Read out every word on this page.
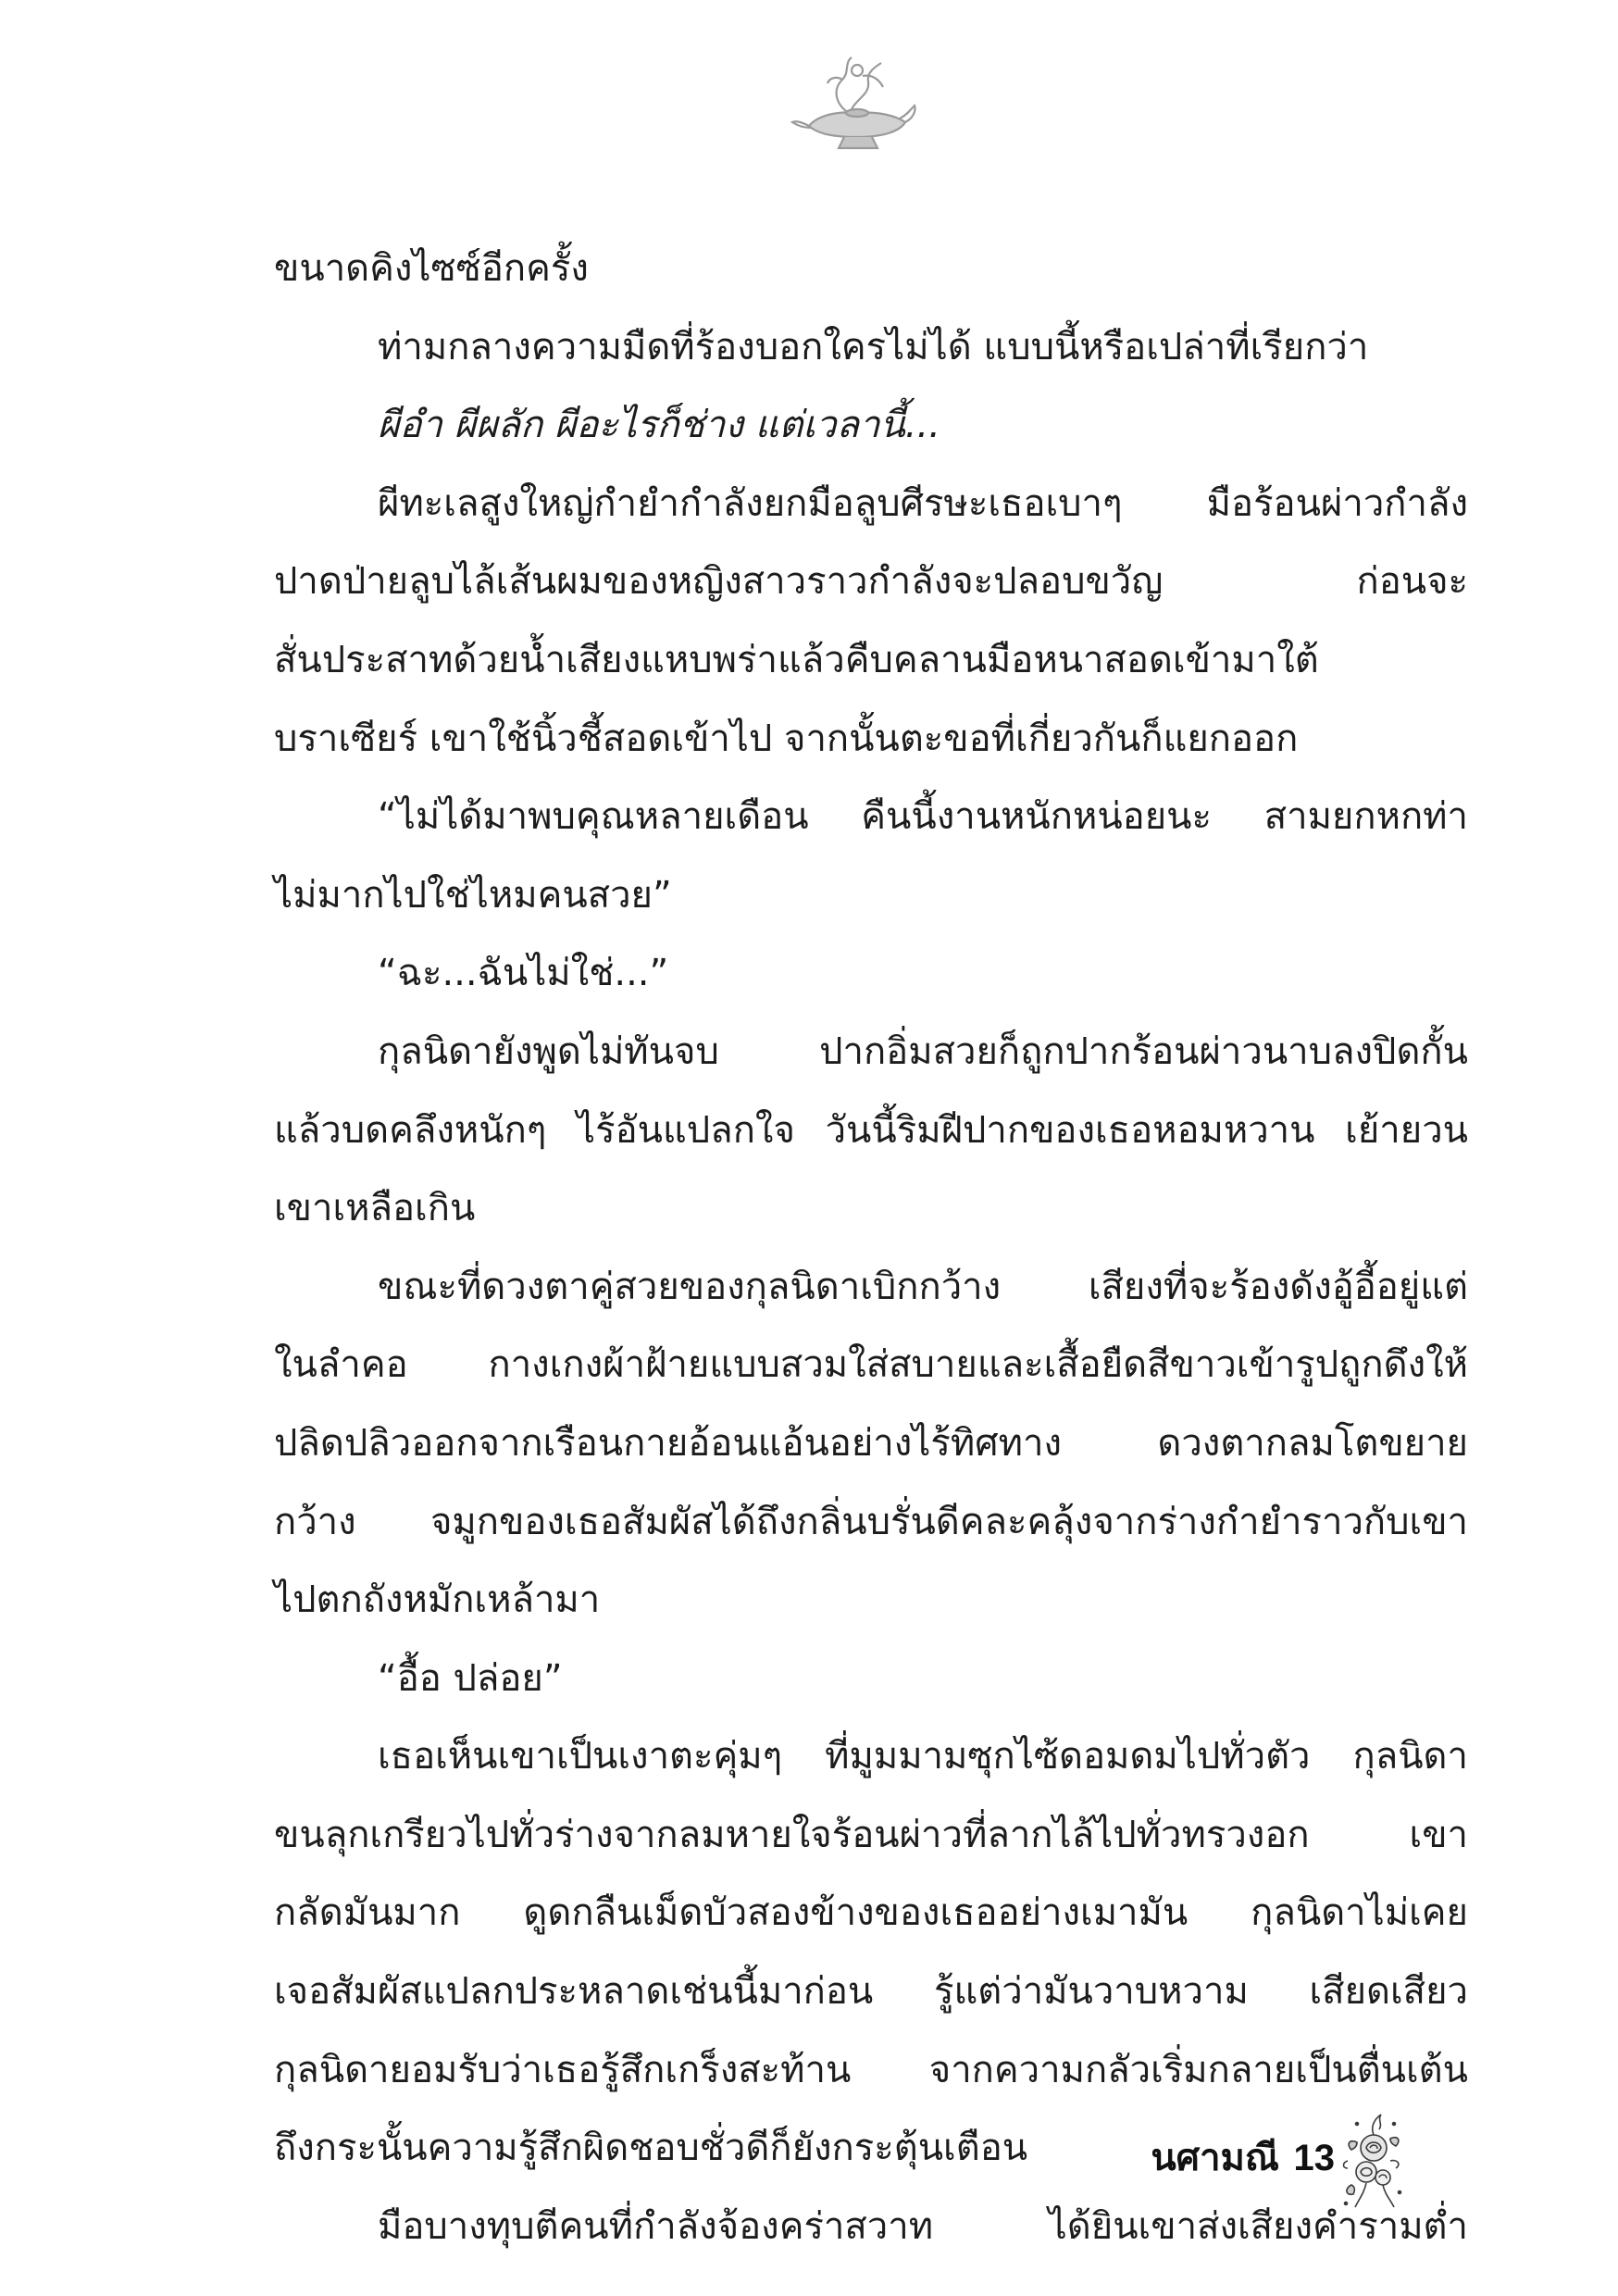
ขนาดคิงไซซ์อีกครั้ง
ท่ามกลางความมืดที่ร้องบอกใครไม่ได้ แบบนี้หรือเปล่าที่เรียกว่า
ผีอำ ผีผลัก ผีอะไรก็ช่าง แต่เวลานี้...
ผีทะเลสูงใหญ่กำยำกำลังยกมือลูบศีรษะเธอเบาๆ มือร้อนผ่าวกำลัง
ปาดป่ายลูบไล้เส้นผมของหญิงสาวราวกำลังจะปลอบขวัญ ก่อนจะ
สั่นประสาทด้วยน้ำเสียงแหบพร่าแล้วคืบคลานมือหนาสอดเข้ามาใต้
บราเซียร์ เขาใช้นิ้วชี้สอดเข้าไป จากนั้นตะขอที่เกี่ยวกันก็แยกออก
“ไม่ได้มาพบคุณหลายเดือน คืนนี้งานหนักหน่อยนะ สามยกหกท่า
ไม่มากไปใช่ไหมคนสวย”
“ฉะ...ฉันไม่ใช่...”
กุลนิดายังพูดไม่ทันจบ ปากอิ่มสวยก็ถูกปากร้อนผ่าวนาบลงปิดกั้น
แล้วบดคลึงหนักๆ ไร้อันแปลกใจ วันนี้ริมฝีปากของเธอหอมหวาน เย้ายวน
เขาเหลือเกิน
ขณะที่ดวงตาคู่สวยของกุลนิดาเบิกกว้าง เสียงที่จะร้องดังอู้อี้อยู่แต่
ในลำคอ กางเกงผ้าฝ้ายแบบสวมใส่สบายและเสื้อยืดสีขาวเข้ารูปถูกดึงให้
ปลิดปลิวออกจากเรือนกายอ้อนแอ้นอย่างไร้ทิศทาง ดวงตากลมโตขยาย
กว้าง จมูกของเธอสัมผัสได้ถึงกลิ่นบรั่นดีคละคลุ้งจากร่างกำยำราวกับเขา
ไปตกถังหมักเหล้ามา
“อื้อ ปล่อย”
เธอเห็นเขาเป็นเงาตะคุ่มๆ ที่มูมมามซุกไซ้ดอมดมไปทั่วตัว กุลนิดา
ขนลุกเกรียวไปทั่วร่างจากลมหายใจร้อนผ่าวที่ลากไล้ไปทั่วทรวงอก เขา
กลัดมันมาก ดูดกลืนเม็ดบัวสองข้างของเธออย่างเมามัน กุลนิดาไม่เคย
เจอสัมผัสแปลกประหลาดเช่นนี้มาก่อน รู้แต่ว่ามันวาบหวาม เสียดเสียว
กุลนิดายอมรับว่าเธอรู้สึกเกร็งสะท้าน จากความกลัวเริ่มกลายเป็นตื่นเต้น
ถึงกระนั้นความรู้สึกผิดชอบชั่วดีก็ยังกระตุ้นเตือน
มือบางทุบตีคนที่กำลังจ้องคร่าสวาท ได้ยินเขาส่งเสียงคำรามต่ำ
นศามณี 13
